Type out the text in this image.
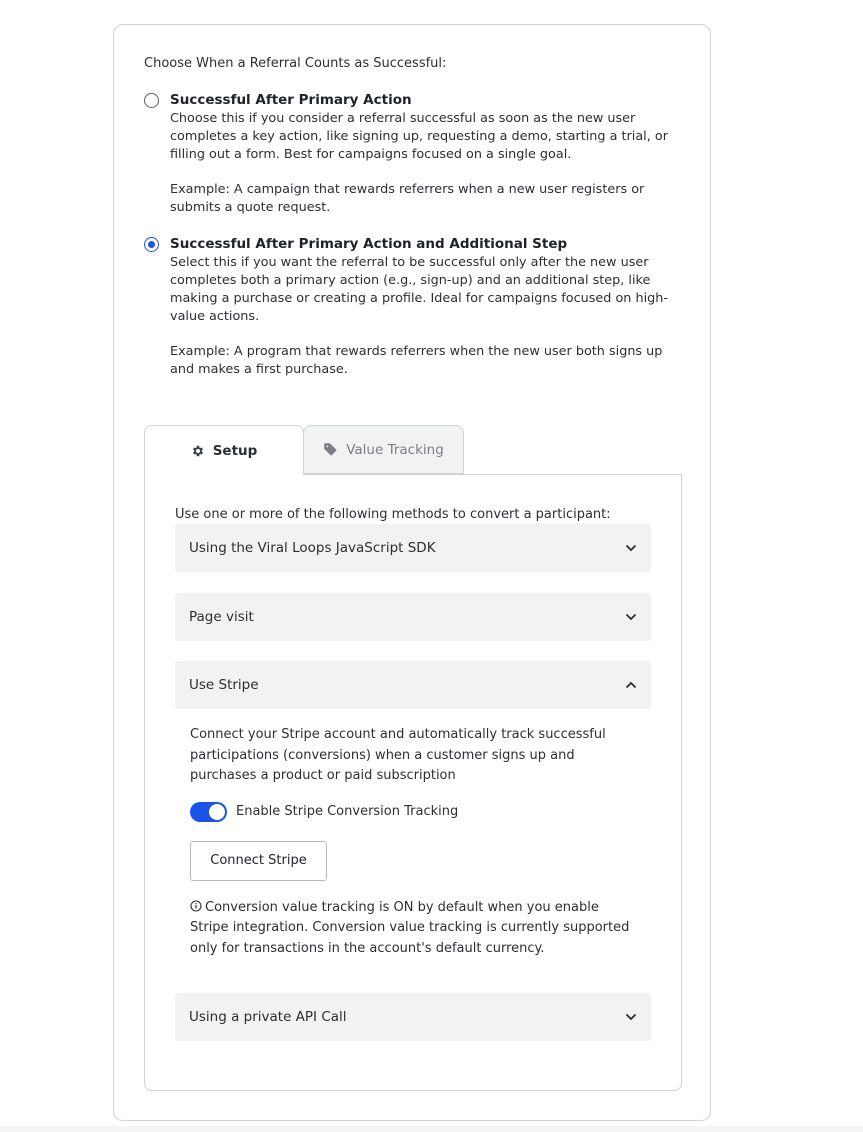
Choose When a Referral Counts as Successful:
Successful After Primary Action
Choose this if you consider a referral successful as soon as the new user completes a key action, like signing up, requesting a demo, starting a trial, or filling out a form. Best for campaigns focused on a single goal.
Example: A campaign that rewards referrers when a new user registers or submits a quote request.
Successful After Primary Action and Additional Step
Select this if you want the referral to be successful only after the new user completes both a primary action (e.g., sign-up) and an additional step, like making a purchase or creating a profile. Ideal for campaigns focused on high-value actions.
Example: A program that rewards referrers when the new user both signs up and makes a first purchase.
Setup	Value Tracking
Use one or more of the following methods to convert a participant:
Using the Viral Loops JavaScript SDK
Page visit
Use Stripe
Connect your Stripe account and automatically track successful participations (conversions) when a customer signs up and purchases a product or paid subscription
Enable Stripe Conversion Tracking
Connect Stripe
Conversion value tracking is ON by default when you enable Stripe integration. Conversion value tracking is currently supported only for transactions in the account's default currency.
Using a private API Call
